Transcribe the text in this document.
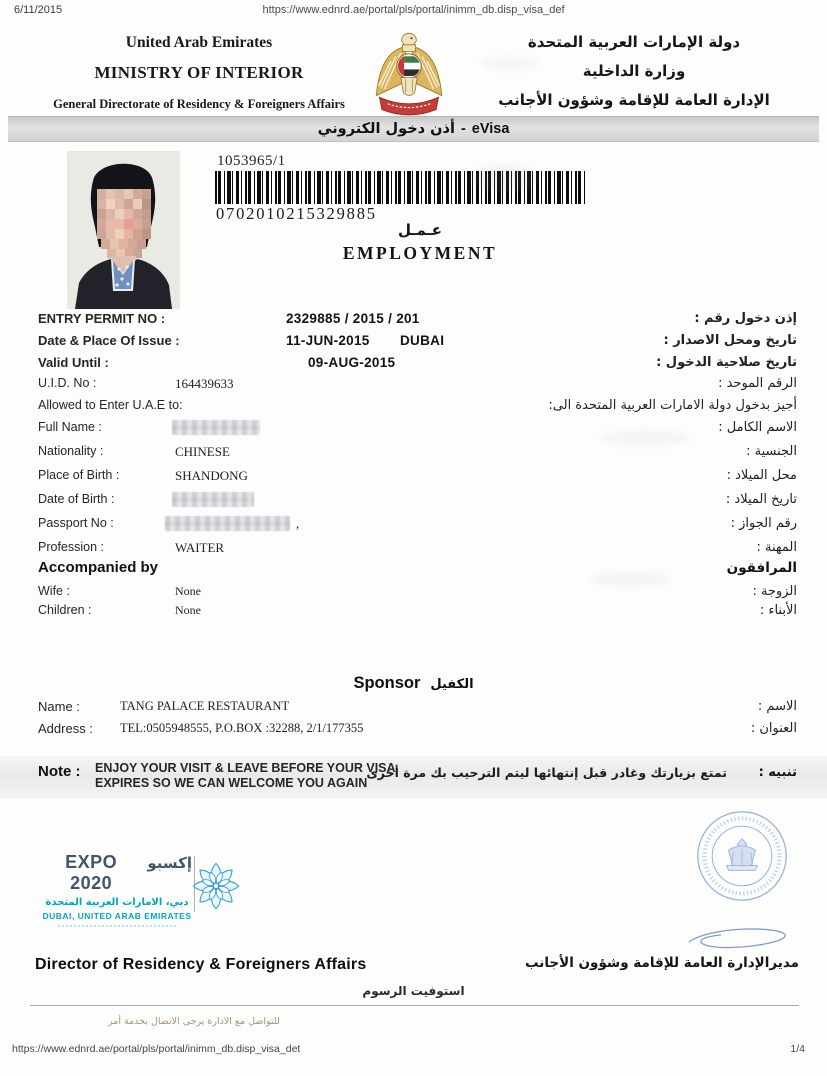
6/11/2015	https://www.ednrd.ae/portal/pls/portal/inimm_db.disp_visa_def
United Arab Emirates
MINISTRY OF INTERIOR
General Directorate of Residency & Foreigners Affairs
دولة الإمارات العربية المتحدة
وزارة الداخلية
الإدارة العامة للإقامة وشؤون الأجانب
أذن دخول الكتروني - eVisa
1053965/1
0702010215329885
عـمـل
EMPLOYMENT
ENTRY PERMIT NO :	2329885 / 2015 / 201	إذن دخول رقم :
Date & Place Of Issue :	11-JUN-2015 DUBAI	تاريخ ومحل الاصدار :
Valid Until :	09-AUG-2015	تاريخ صلاحية الدخول :
U.I.D. No :	164439633	الرقم الموحد :
Allowed to Enter U.A.E to:	أجيز بدخول دولة الامارات العربية المتحدة الى:
Full Name :	الاسم الكامل :
Nationality :	CHINESE	الجنسية :
Place of Birth :	SHANDONG	محل الميلاد :
Date of Birth :	تاريخ الميلاد :
Passport No :	,	رقم الجواز :
Profession :	WAITER	المهنة :
Accompanied by	المرافقون
Wife :	None	الزوجة :
Children :	None	الأبناء :
Sponsor الكفيل
Name :	TANG PALACE RESTAURANT	الاسم :
Address : TEL:0505948555, P.O.BOX :32288, 2/1/177355	العنوان :
Note : ENJOY YOUR VISIT & LEAVE BEFORE YOUR VISA
EXPIRES SO WE CAN WELCOME YOU AGAIN
تمتع بزيارتك وغادر قبل إنتهائها ليتم الترحيب بك مرة أخرى تنبيه :
EXPO 2020
إكسبو
دبي، الامارات العربية المتحدة
DUBAI, UNITED ARAB EMIRATES
Director of Residency & Foreigners Affairs	مديرالإدارة العامة للإقامة وشؤون الأجانب
استوفيت الرسوم
للتواصل مع الادارة يرجى الاتصال بخدمة أمر
https://www.ednrd.ae/portal/pls/portal/inimm_db.disp_visa_det	1/4
